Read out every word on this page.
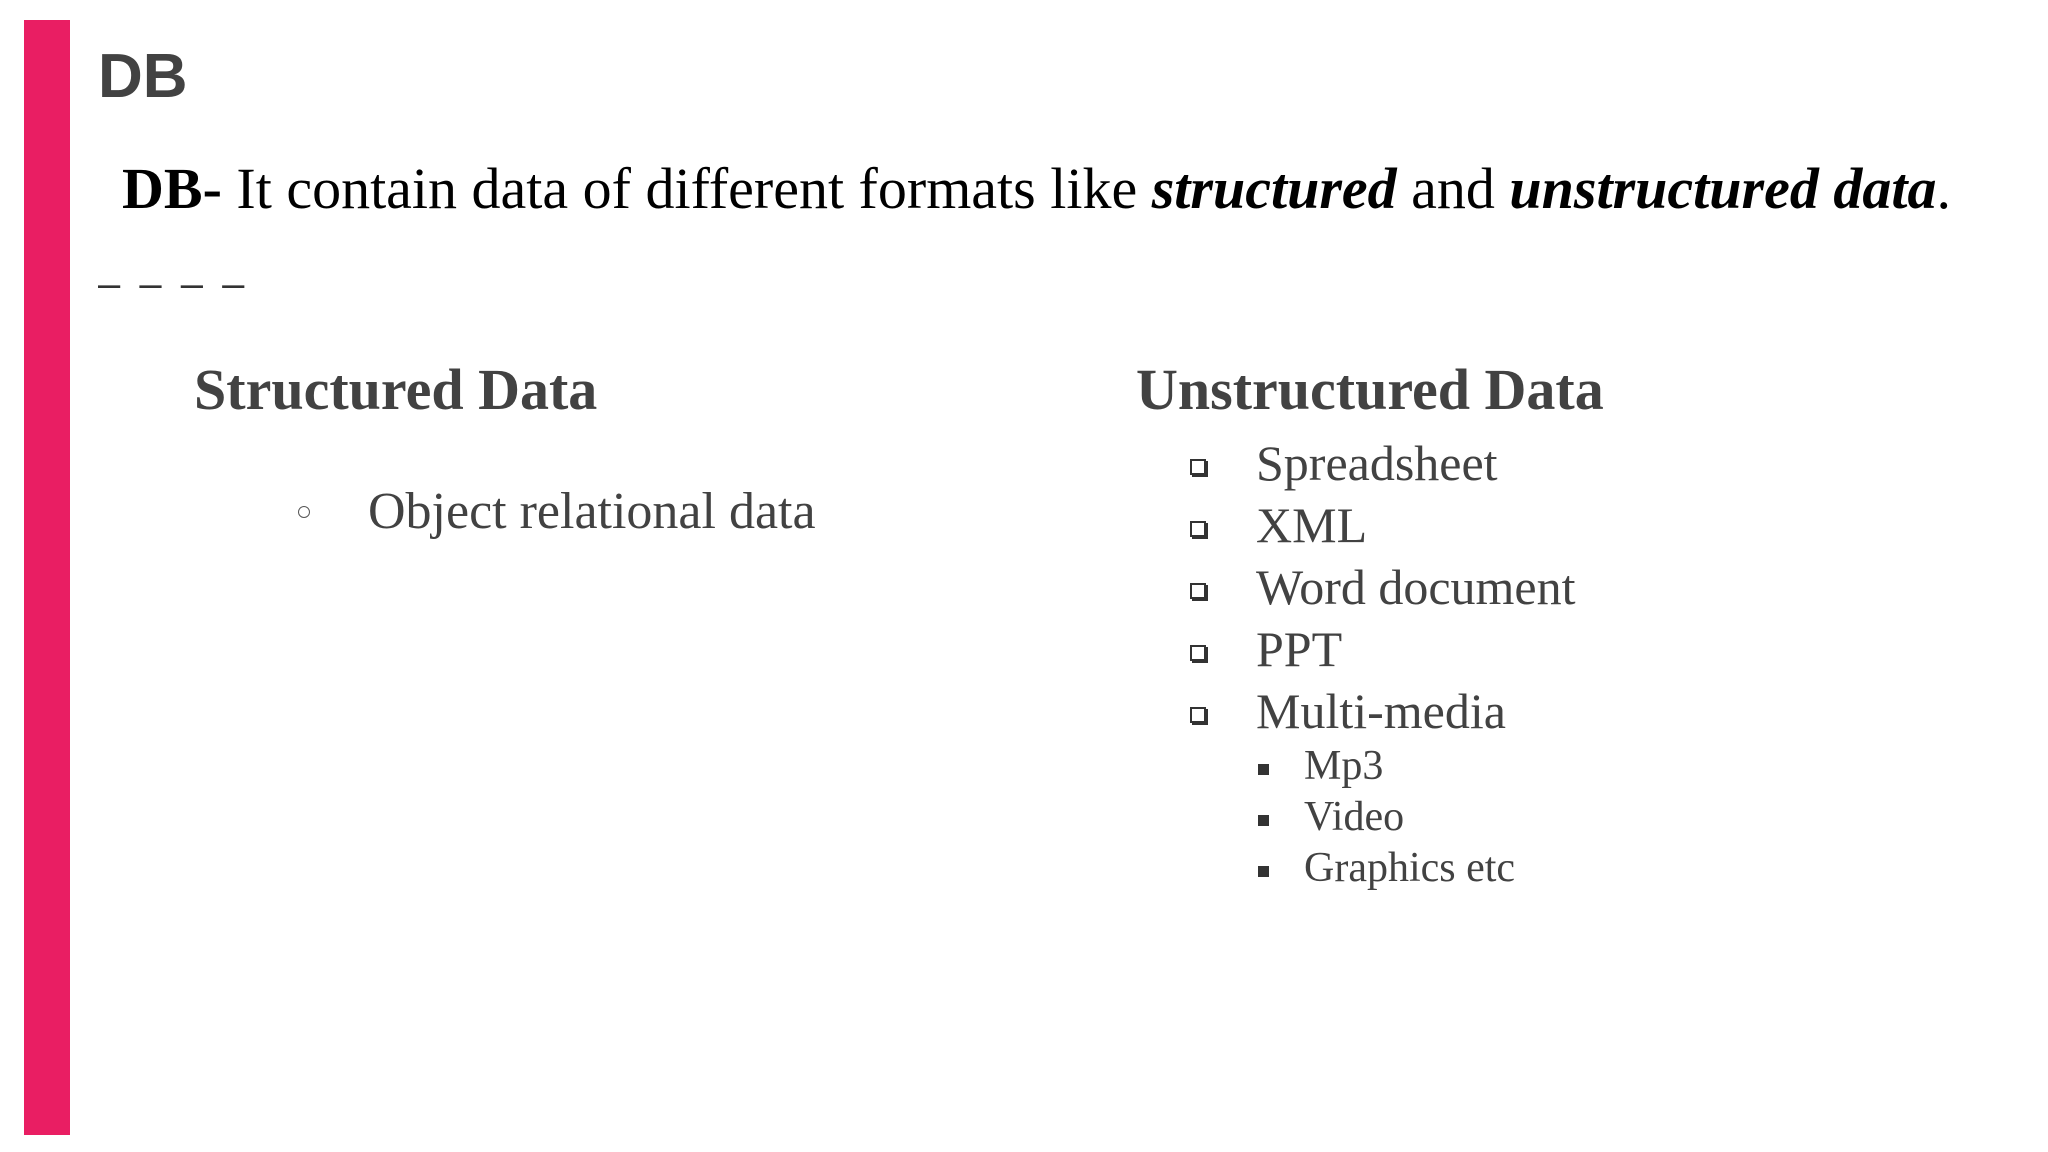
DB

DB- It contain data of different formats like structured and unstructured data.

– – – –
Structured Data
Object relational data
Unstructured Data
Spreadsheet
XML
Word document
PPT
Multi-media
Mp3
Video
Graphics etc
